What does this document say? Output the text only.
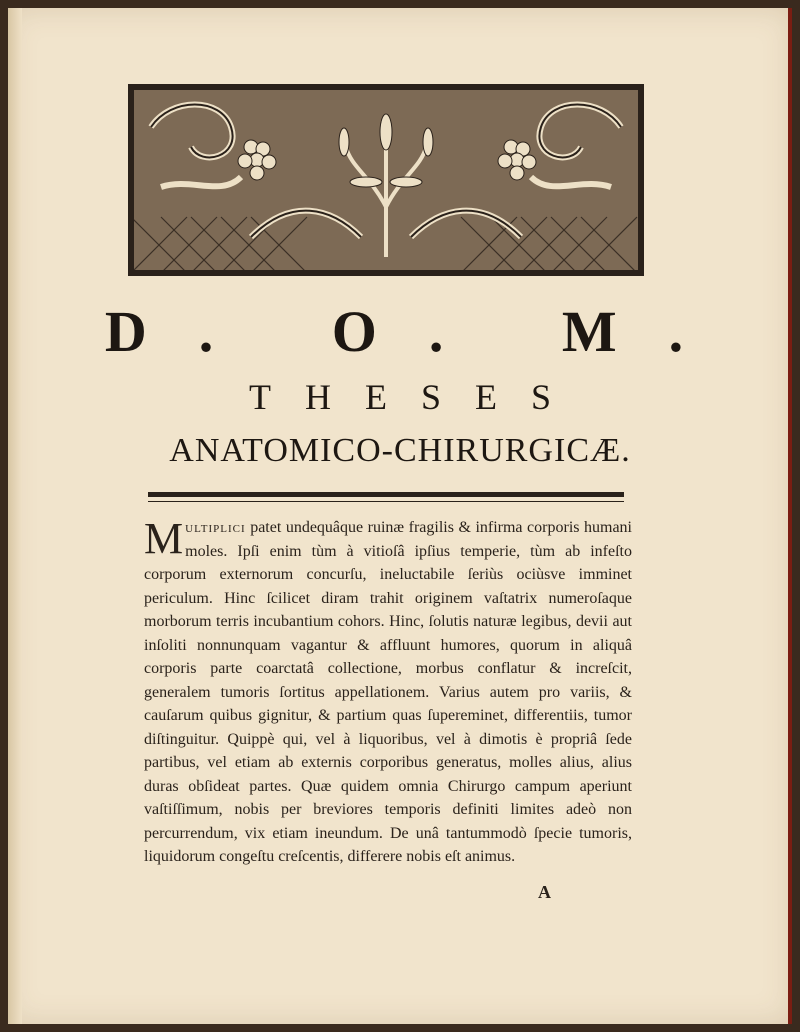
D. O. M.
THESES
ANATOMICO-CHIRURGICÆ.
Multiplici patet undequâque ruinæ fragilis & infirma corporis humani moles. Ipſi enim tùm à vitioſâ ipſius temperie, tùm ab infeſto corporum externorum concurſu, ineluctabile ſeriùs ociùsve imminet periculum. Hinc ſcilicet diram trahit originem vaſtatrix numeroſaque morborum terris incubantium cohors. Hinc, ſolutis naturæ legibus, devii aut inſoliti nonnunquam vagantur & affluunt humores, quorum in aliquâ corporis parte coarctatâ collectione, morbus conflatur & increſcit, generalem tumoris ſortitus appellationem. Varius autem pro variis, & cauſarum quibus gignitur, & partium quas ſupereminet, differentiis, tumor diſtinguitur. Quippè qui, vel à liquoribus, vel à dimotis è propriâ ſede partibus, vel etiam ab externis corporibus generatus, molles alius, alius duras obſideat partes. Quæ quidem omnia Chirurgo campum aperiunt vaſtiſſimum, nobis per breviores temporis definiti limites adeò non percurrendum, vix etiam ineundum. De unâ tantummodò ſpecie tumoris, liquidorum congeſtu creſcentis, differere nobis eſt animus.
A
